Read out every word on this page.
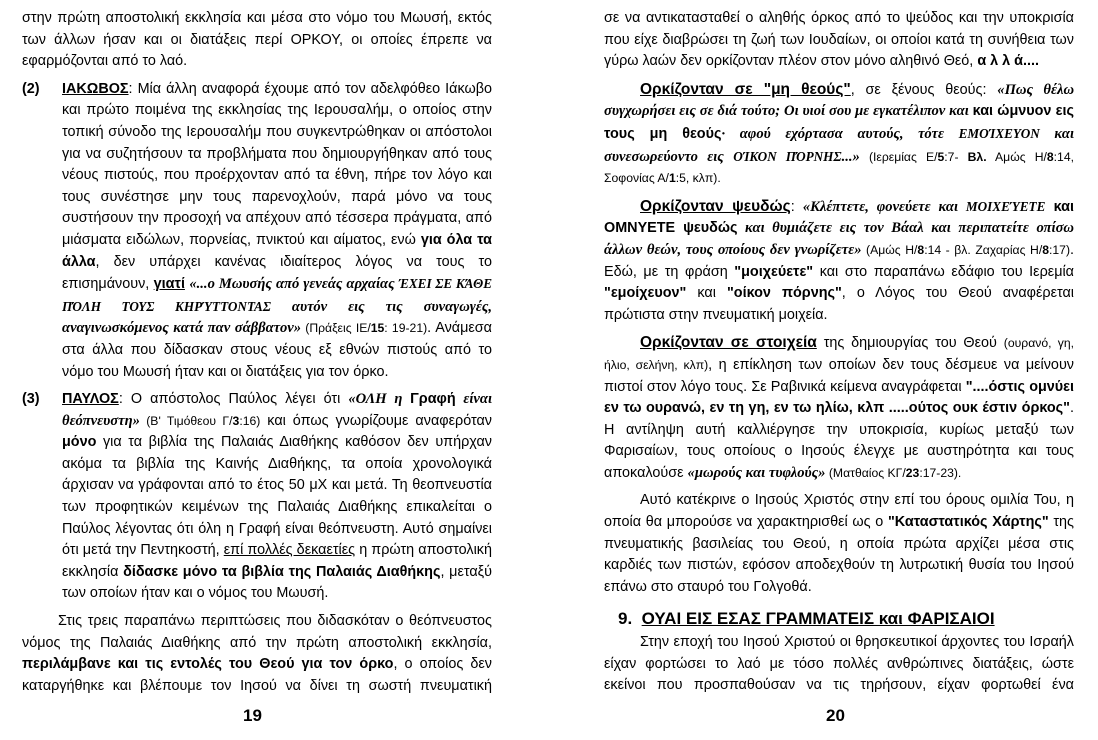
στην πρώτη αποστολική εκκλησία και μέσα στο νόμο του Μωυσή, εκτός των άλλων ήσαν και οι διατάξεις περί ΟΡΚΟΥ, οι οποίες έπρεπε να εφαρμόζονται από το λαό.

(2) ΙΑΚΩΒΟΣ: Μία άλλη αναφορά έχουμε από τον αδελφόθεο Ιάκωβο και πρώτο ποιμένα της εκκλησίας της Ιερουσαλήμ, ο οποίος στην τοπική σύνοδο της Ιερουσαλήμ που συγκεντρώθηκαν οι απόστολοι για να συζητήσουν τα προβλήματα που δημιουργήθηκαν από τους νέους πιστούς, που προέρχονταν από τα έθνη, πήρε τον λόγο και τους συνέστησε μην τους παρενοχλούν, παρά μόνο να τους συστήσουν την προσοχή να απέχουν από τέσσερα πράγματα, από μιάσματα ειδώλων, πορνείας, πνικτού και αίματος, ενώ για όλα τα άλλα, δεν υπάρχει κανένας ιδιαίτερος λόγος να τους το επισημάνουν, γιατί «...ο Μωυσής από γενεάς αρχαίας ΈΧΕΙ ΣΕ ΚΆΘΕ ΠΌΛΗ ΤΟΥΣ ΚΗΡΎΤΤΟΝΤΑΣ αυτόν εις τις συναγωγές, αναγινωσκόμενος κατά παν σάββατον» (Πράξεις ΙΕ/15: 19-21). Ανάμεσα στα άλλα που δίδασκαν στους νέους εξ εθνών πιστούς από το νόμο του Μωυσή ήταν και οι διατάξεις για τον όρκο.

(3) ΠΑΥΛΟΣ: Ο απόστολος Παύλος λέγει ότι «ΟΛΗ η Γραφή είναι θεόπνευστη» (Β' Τιμόθεου Γ/3:16) και όπως γνωρίζουμε αναφερόταν μόνο για τα βιβλία της Παλαιάς Διαθήκης καθόσον δεν υπήρχαν ακόμα τα βιβλία της Καινής Διαθήκης, τα οποία χρονολογικά άρχισαν να γράφονται από το έτος 50 μΧ και μετά. Τη θεοπνευστία των προφητικών κειμένων της Παλαιάς Διαθήκης επικαλείται ο Παύλος λέγοντας ότι όλη η Γραφή είναι θεόπνευστη. Αυτό σημαίνει ότι μετά την Πεντηκοστή, επί πολλές δεκαετίες η πρώτη αποστολική εκκλησία δίδασκε μόνο τα βιβλία της Παλαιάς Διαθήκης, μεταξύ των οποίων ήταν και ο νόμος του Μωυσή.

Στις τρεις παραπάνω περιπτώσεις που διδασκόταν ο θεόπνευστος νόμος της Παλαιάς Διαθήκης από την πρώτη αποστολική εκκλησία, περιλάμβανε και τις εντολές του Θεού για τον όρκο, ο οποίος δεν καταργήθηκε και βλέπουμε τον Ιησού να δίνει τη σωστή πνευματική

19

σε να αντικατασταθεί ο αληθής όρκος από το ψεύδος και την υποκρισία που είχε διαβρώσει τη ζωή των Ιουδαίων, οι οποίοι κατά τη συνήθεια των γύρω λαών δεν ορκίζονταν πλέον στον μόνο αληθινό Θεό, α λ λ ά....

Ορκίζονταν σε "μη θεούς", σε ξένους θεούς: «Πως θέλω συγχωρήσει εις σε διά τούτο; Οι υιοί σου με εγκατέλιπον και και ώμνυον εις τους μη θεούς· αφού εχόρτασα αυτούς, τότε ΕΜΟΊΧΕΥΟΝ και συνεσωρεύοντο εις ΟΊΚΟΝ ΠΌΡΝΗΣ...» (Ιερεμίας Ε/5:7- Βλ. Αμώς Η/8:14, Σοφονίας Α/1:5, κλπ).

Ορκίζονταν ψευδώς: «Κλέπτετε, φονεύετε και ΜΟΙΧΕΎΕΤΕ και ΟΜΝΥΕΤΕ ψευδώς και θυμιάζετε εις τον Βάαλ και περιπατείτε οπίσω άλλων θεών, τους οποίους δεν γνωρίζετε» (Αμώς Η/8:14 - βλ. Ζαχαρίας Η/8:17). Εδώ, με τη φράση "μοιχεύετε" και στο παραπάνω εδάφιο του Ιερεμία "εμοίχευον" και "οίκον πόρνης", ο Λόγος του Θεού αναφέρεται πρώτιστα στην πνευματική μοιχεία.

Ορκίζονταν σε στοιχεία της δημιουργίας του Θεού (ουρανό, γη, ήλιο, σελήνη, κλπ), η επίκληση των οποίων δεν τους δέσμευε να μείνουν πιστοί στον λόγο τους. Σε Ραβινικά κείμενα αναγράφεται "....όστις ομνύει εν τω ουρανώ, εν τη γη, εν τω ηλίω, κλπ .....ούτος ουκ έστιν όρκος". Η αντίληψη αυτή καλλιέργησε την υποκρισία, κυρίως μεταξύ των Φαρισαίων, τους οποίους ο Ιησούς έλεγχε με αυστηρότητα και τους αποκαλούσε «μωρούς και τυφλούς» (Ματθαίος ΚΓ/23:17-23).

Αυτό κατέκρινε ο Ιησούς Χριστός στην επί του όρους ομιλία Του, η οποία θα μπορούσε να χαρακτηρισθεί ως ο "Καταστατικός Χάρτης" της πνευματικής βασιλείας του Θεού, η οποία πρώτα αρχίζει μέσα στις καρδιές των πιστών, εφόσον αποδεχθούν τη λυτρωτική θυσία του Ιησού επάνω στο σταυρό του Γολγοθά.

9. ΟΥΑΙ ΕΙΣ ΕΣΑΣ ΓΡΑΜΜΑΤΕΙΣ και ΦΑΡΙΣΑΙΟΙ

Στην εποχή του Ιησού Χριστού οι θρησκευτικοί άρχοντες του Ισραήλ είχαν φορτώσει το λαό με τόσο πολλές ανθρώπινες διατάξεις, ώστε εκείνοι που προσπαθούσαν να τις τηρήσουν, είχαν φορτωθεί ένα

20
